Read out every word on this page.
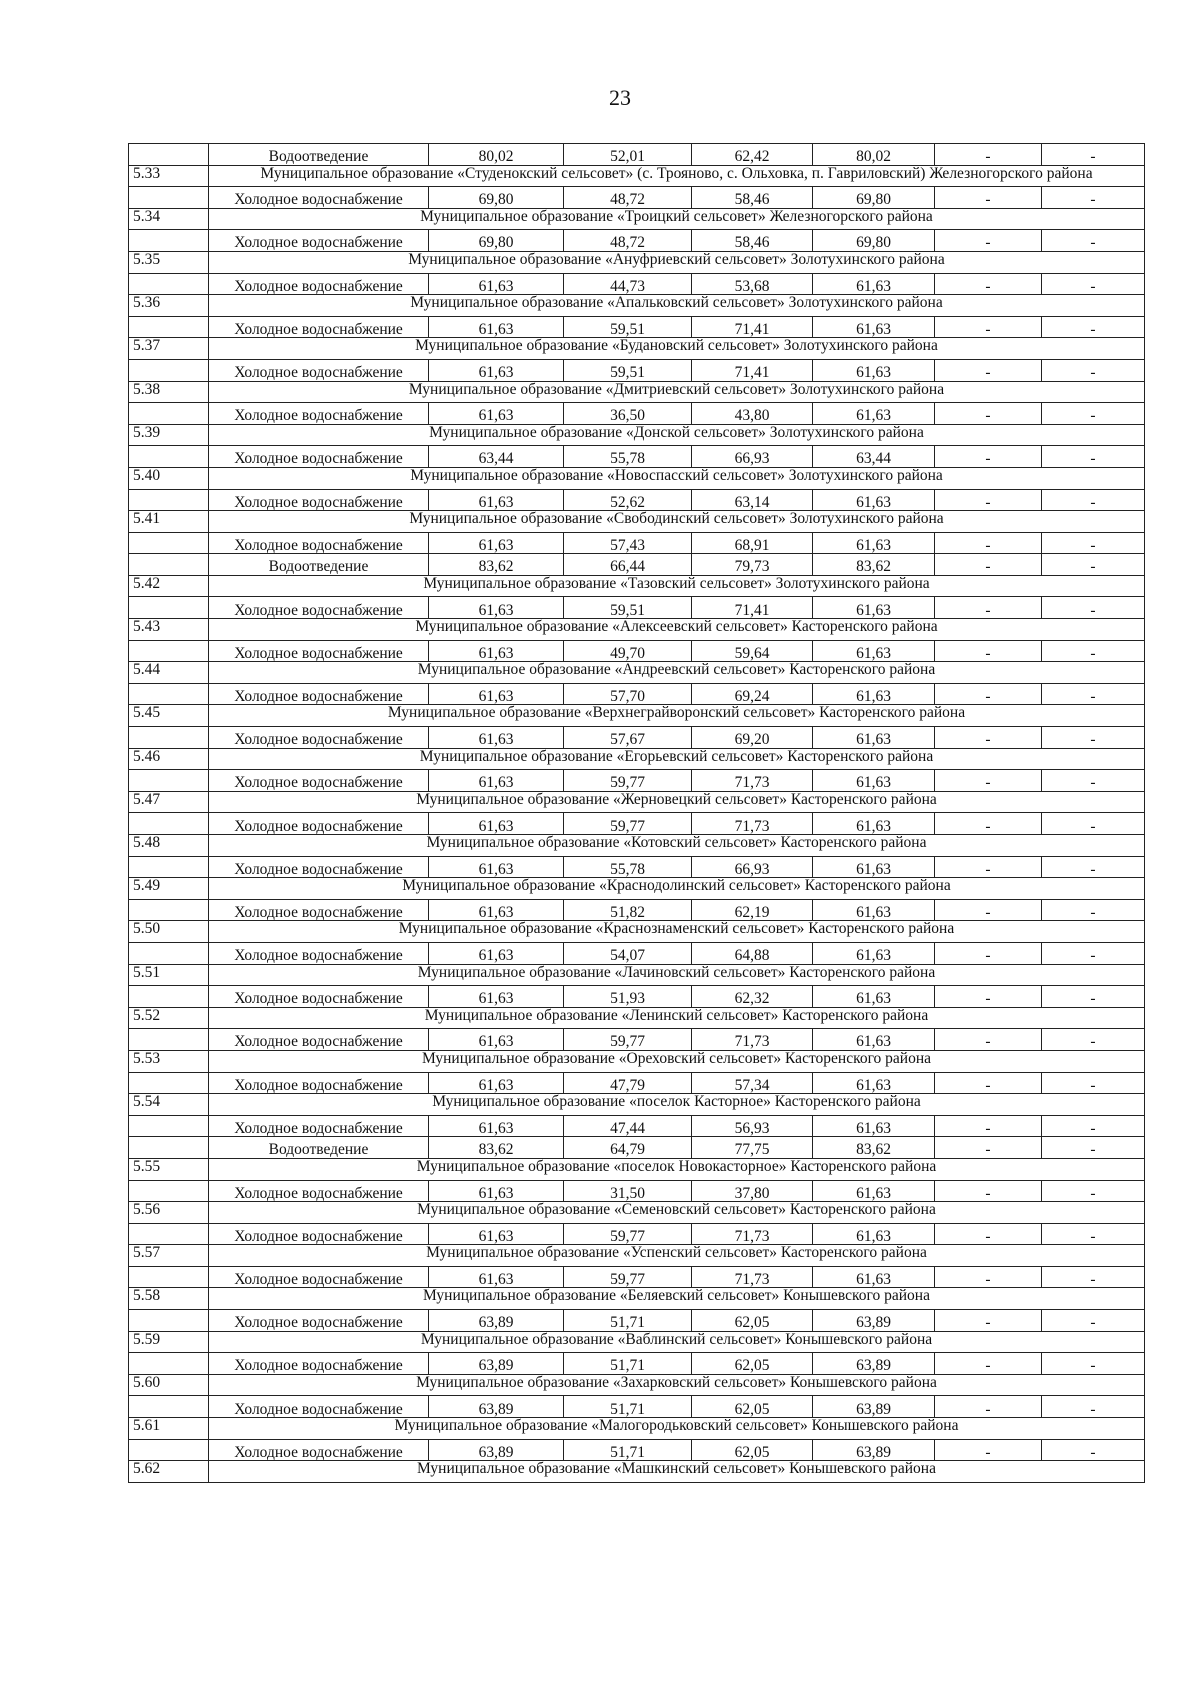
23
	Водоотведение	80,02	52,01	62,42	80,02	-	-
5.33	Муниципальное образование «Студенокский сельсовет» (с. Трояново, с. Ольховка, п. Гавриловский) Железногорского района						
	Холодное водоснабжение	69,80	48,72	58,46	69,80	-	-
5.34	Муниципальное образование «Троицкий сельсовет» Железногорского района						
	Холодное водоснабжение	69,80	48,72	58,46	69,80	-	-
5.35	Муниципальное образование «Ануфриевский сельсовет» Золотухинского района						
	Холодное водоснабжение	61,63	44,73	53,68	61,63	-	-
5.36	Муниципальное образование «Апальковский сельсовет» Золотухинского района						
	Холодное водоснабжение	61,63	59,51	71,41	61,63	-	-
5.37	Муниципальное образование «Будановский сельсовет» Золотухинского района						
	Холодное водоснабжение	61,63	59,51	71,41	61,63	-	-
5.38	Муниципальное образование «Дмитриевский сельсовет» Золотухинского района						
	Холодное водоснабжение	61,63	36,50	43,80	61,63	-	-
5.39	Муниципальное образование «Донской сельсовет» Золотухинского района						
	Холодное водоснабжение	63,44	55,78	66,93	63,44	-	-
5.40	Муниципальное образование «Новоспасский сельсовет» Золотухинского района						
	Холодное водоснабжение	61,63	52,62	63,14	61,63	-	-
5.41	Муниципальное образование «Свободинский сельсовет» Золотухинского района						
	Холодное водоснабжение	61,63	57,43	68,91	61,63	-	-
	Водоотведение	83,62	66,44	79,73	83,62	-	-
5.42	Муниципальное образование «Тазовский сельсовет» Золотухинского района						
	Холодное водоснабжение	61,63	59,51	71,41	61,63	-	-
5.43	Муниципальное образование «Алексеевский сельсовет» Касторенского района						
	Холодное водоснабжение	61,63	49,70	59,64	61,63	-	-
5.44	Муниципальное образование «Андреевский сельсовет» Касторенского района						
	Холодное водоснабжение	61,63	57,70	69,24	61,63	-	-
5.45	Муниципальное образование «Верхнеграйворонский сельсовет» Касторенского района						
	Холодное водоснабжение	61,63	57,67	69,20	61,63	-	-
5.46	Муниципальное образование «Егорьевский сельсовет» Касторенского района						
	Холодное водоснабжение	61,63	59,77	71,73	61,63	-	-
5.47	Муниципальное образование «Жерновецкий сельсовет» Касторенского района						
	Холодное водоснабжение	61,63	59,77	71,73	61,63	-	-
5.48	Муниципальное образование «Котовский сельсовет» Касторенского района						
	Холодное водоснабжение	61,63	55,78	66,93	61,63	-	-
5.49	Муниципальное образование «Краснодолинский сельсовет» Касторенского района						
	Холодное водоснабжение	61,63	51,82	62,19	61,63	-	-
5.50	Муниципальное образование «Краснознаменский сельсовет» Касторенского района						
	Холодное водоснабжение	61,63	54,07	64,88	61,63	-	-
5.51	Муниципальное образование «Лачиновский сельсовет» Касторенского района						
	Холодное водоснабжение	61,63	51,93	62,32	61,63	-	-
5.52	Муниципальное образование «Ленинский сельсовет» Касторенского района						
	Холодное водоснабжение	61,63	59,77	71,73	61,63	-	-
5.53	Муниципальное образование «Ореховский сельсовет» Касторенского района						
	Холодное водоснабжение	61,63	47,79	57,34	61,63	-	-
5.54	Муниципальное образование «поселок Касторное» Касторенского района						
	Холодное водоснабжение	61,63	47,44	56,93	61,63	-	-
	Водоотведение	83,62	64,79	77,75	83,62	-	-
5.55	Муниципальное образование «поселок Новокасторное» Касторенского района						
	Холодное водоснабжение	61,63	31,50	37,80	61,63	-	-
5.56	Муниципальное образование «Семеновский сельсовет» Касторенского района						
	Холодное водоснабжение	61,63	59,77	71,73	61,63	-	-
5.57	Муниципальное образование «Успенский сельсовет» Касторенского района						
	Холодное водоснабжение	61,63	59,77	71,73	61,63	-	-
5.58	Муниципальное образование «Беляевский сельсовет» Конышевского района						
	Холодное водоснабжение	63,89	51,71	62,05	63,89	-	-
5.59	Муниципальное образование «Ваблинский сельсовет» Конышевского района						
	Холодное водоснабжение	63,89	51,71	62,05	63,89	-	-
5.60	Муниципальное образование «Захарковский сельсовет» Конышевского района						
	Холодное водоснабжение	63,89	51,71	62,05	63,89	-	-
5.61	Муниципальное образование «Малогородьковский сельсовет» Конышевского района						
	Холодное водоснабжение	63,89	51,71	62,05	63,89	-	-
5.62	Муниципальное образование «Машкинский сельсовет» Конышевского района						
